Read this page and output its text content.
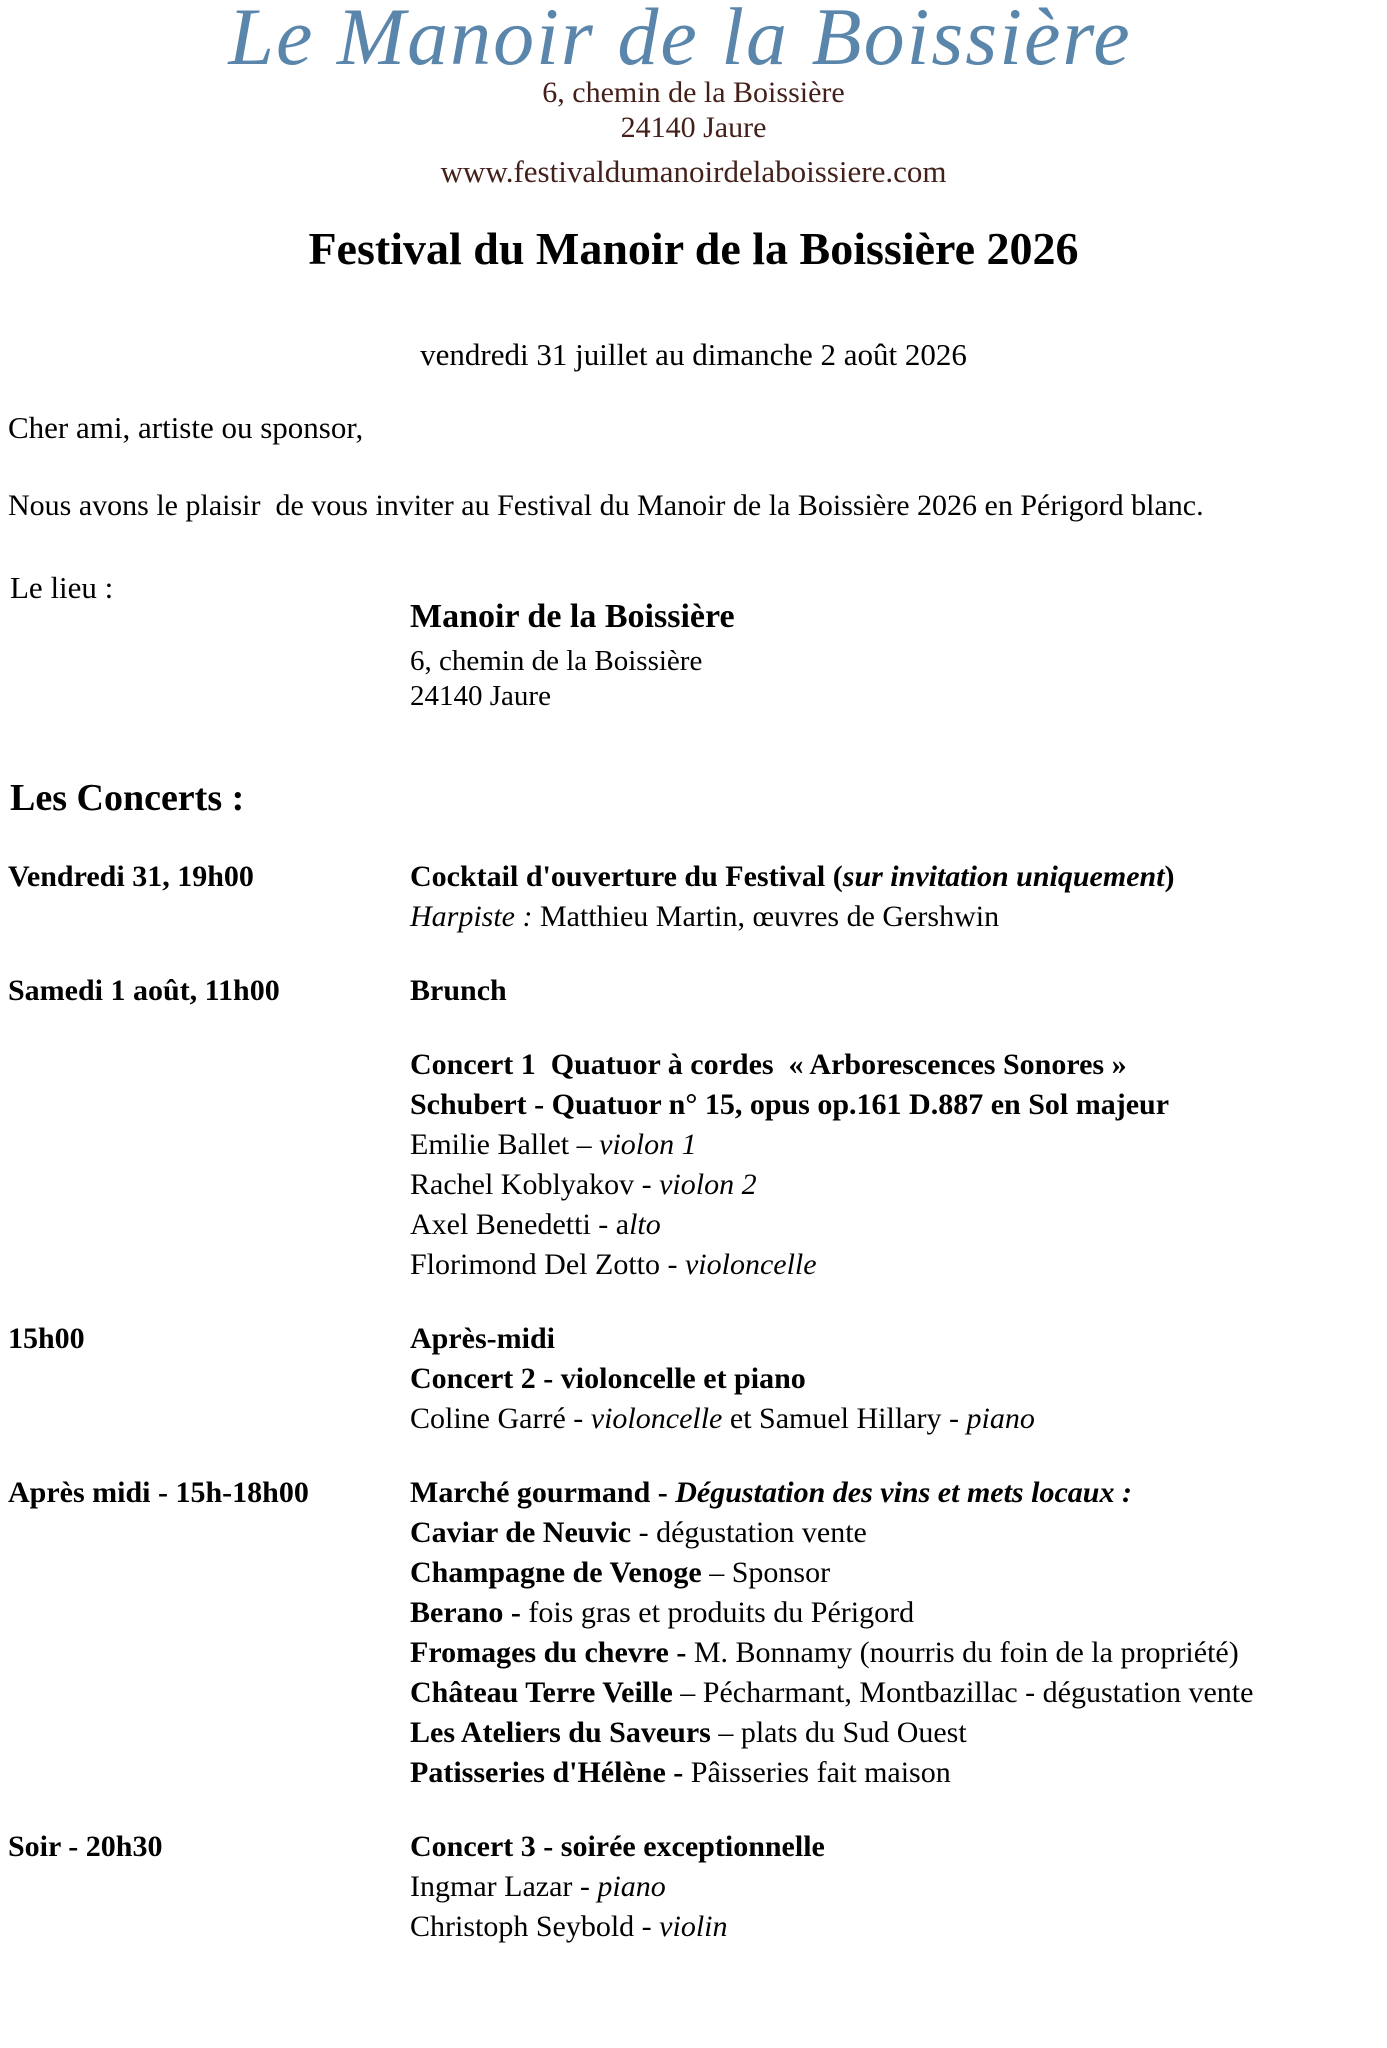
Le Manoir de la Boissière
6, chemin de la Boissière
24140 Jaure
www.festivaldumanoirdelaboissiere.com
Festival du Manoir de la Boissière 2026
vendredi 31 juillet au dimanche 2 août 2026
Cher ami, artiste ou sponsor,
Nous avons le plaisir  de vous inviter au Festival du Manoir de la Boissière 2026 en Périgord blanc.
Le lieu :
Manoir de la Boissière
6, chemin de la Boissière
24140 Jaure
Les Concerts :
Vendredi 31, 19h00	Cocktail d'ouverture du Festival (sur invitation uniquement)
Harpiste : Matthieu Martin, œuvres de Gershwin
Samedi 1 août, 11h00	Brunch
Concert 1  Quatuor à cordes  « Arborescences Sonores »
Schubert - Quatuor n° 15, opus op.161 D.887 en Sol majeur
Emilie Ballet – violon 1
Rachel Koblyakov - violon 2
Axel Benedetti - alto
Florimond Del Zotto - violoncelle
15h00	Après-midi
Concert 2 - violoncelle et piano
Coline Garré - violoncelle et Samuel Hillary - piano
Après midi - 15h-18h00	Marché gourmand - Dégustation des vins et mets locaux :
Caviar de Neuvic - dégustation vente
Champagne de Venoge – Sponsor
Berano - fois gras et produits du Périgord
Fromages du chevre - M. Bonnamy (nourris du foin de la propriété)
Château Terre Veille – Pécharmant, Montbazillac - dégustation vente
Les Ateliers du Saveurs – plats du Sud Ouest
Patisseries d'Hélène - Pâisseries fait maison
Soir - 20h30	Concert 3 - soirée exceptionnelle
Ingmar Lazar - piano
Christoph Seybold - violin
